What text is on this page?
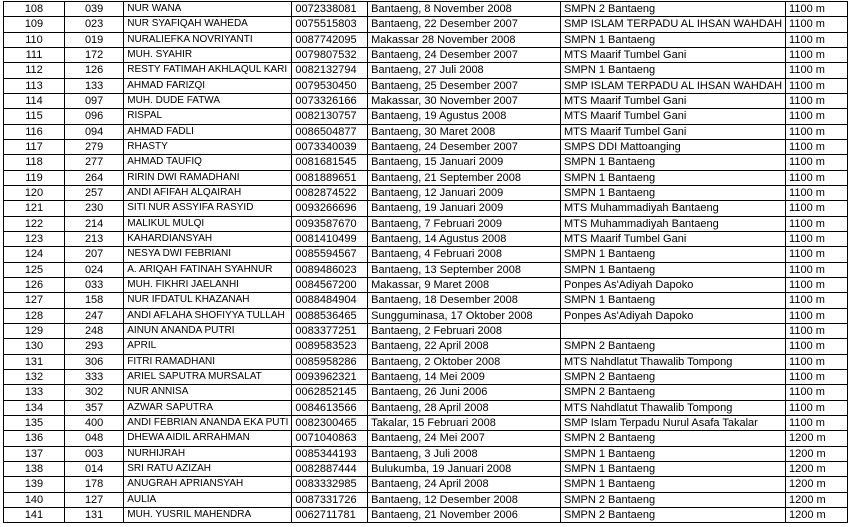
108	039	NUR WANA	0072338081	Bantaeng, 8 November 2008	SMPN 2 Bantaeng	1100 m
109	023	NUR SYAFIQAH WAHEDA	0075515803	Bantaeng, 22 Desember 2007	SMP ISLAM TERPADU AL IHSAN WAHDAH	1100 m
110	019	NURALIEFKA NOVRIYANTI	0087742095	Makassar 28 November 2008	SMPN 1 Bantaeng	1100 m
111	172	MUH. SYAHIR	0079807532	Bantaeng, 24 Desember 2007	MTS Maarif Tumbel Gani	1100 m
112	126	RESTY FATIMAH AKHLAQUL KARI	0082132794	Bantaeng, 27 Juli 2008	SMPN 1 Bantaeng	1100 m
113	133	AHMAD FARIZQI	0079530450	Bantaeng, 25 Desember 2007	SMP ISLAM TERPADU AL IHSAN WAHDAH	1100 m
114	097	MUH. DUDE FATWA	0073326166	Makassar, 30 November 2007	MTS Maarif Tumbel Gani	1100 m
115	096	RISPAL	0082130757	Bantaeng, 19 Agustus 2008	MTS Maarif Tumbel Gani	1100 m
116	094	AHMAD FADLI	0086504877	Bantaeng, 30 Maret 2008	MTS Maarif Tumbel Gani	1100 m
117	279	RHASTY	0073340039	Bantaeng, 24 Desember 2007	SMPS DDI Mattoanging	1100 m
118	277	AHMAD TAUFIQ	0081681545	Bantaeng, 15 Januari 2009	SMPN 1 Bantaeng	1100 m
119	264	RIRIN DWI RAMADHANI	0081889651	Bantaeng, 21 September 2008	SMPN 1 Bantaeng	1100 m
120	257	ANDI AFIFAH ALQAIRAH	0082874522	Bantaeng, 12 Januari 2009	SMPN 1 Bantaeng	1100 m
121	230	SITI NUR ASSYIFA RASYID	0093266696	Bantaeng, 19 Januari 2009	MTS Muhammadiyah Bantaeng	1100 m
122	214	MALIKUL MULQI	0093587670	Bantaeng, 7 Februari 2009	MTS Muhammadiyah Bantaeng	1100 m
123	213	KAHARDIANSYAH	0081410499	Bantaeng, 14 Agustus 2008	MTS Maarif Tumbel Gani	1100 m
124	207	NESYA DWI FEBRIANI	0085594567	Bantaeng, 4 Februari 2008	SMPN 1 Bantaeng	1100 m
125	024	A. ARIQAH FATINAH SYAHNUR	0089486023	Bantaeng, 13 September 2008	SMPN 1 Bantaeng	1100 m
126	033	MUH. FIKHRI JAELANHI	0084567200	Makassar, 9 Maret 2008	Ponpes As'Adiyah Dapoko	1100 m
127	158	NUR IFDATUL KHAZANAH	0088484904	Bantaeng, 18 Desember 2008	SMPN 1 Bantaeng	1100 m
128	247	ANDI AFLAHA SHOFIYYA TULLAH	0088536465	Sungguminasa, 17 Oktober 2008	Ponpes As'Adiyah Dapoko	1100 m
129	248	AINUN ANANDA PUTRI	0083377251	Bantaeng, 2 Februari 2008		1100 m
130	293	APRIL	0089583523	Bantaeng, 22 April 2008	SMPN 2 Bantaeng	1100 m
131	306	FITRI RAMADHANI	0085958286	Bantaeng, 2 Oktober 2008	MTS Nahdlatut Thawalib Tompong	1100 m
132	333	ARIEL SAPUTRA MURSALAT	0093962321	Bantaeng, 14 Mei 2009	SMPN 2 Bantaeng	1100 m
133	302	NUR ANNISA	0062852145	Bantaeng, 26 Juni 2006	SMPN 2 Bantaeng	1100 m
134	357	AZWAR SAPUTRA	0084613566	Bantaeng, 28 April 2008	MTS Nahdlatut Thawalib Tompong	1100 m
135	400	ANDI FEBRIAN ANANDA EKA PUTI	0082300465	Takalar, 15 Februari 2008	SMP Islam Terpadu Nurul Asafa Takalar	1100 m
136	048	DHEWA AIDIL ARRAHMAN	0071040863	Bantaeng, 24 Mei 2007	SMPN 2 Bantaeng	1200 m
137	003	NURHIJRAH	0085344193	Bantaeng, 3 Juli 2008	SMPN 1 Bantaeng	1200 m
138	014	SRI RATU AZIZAH	0082887444	Bulukumba, 19 Januari 2008	SMPN 1 Bantaeng	1200 m
139	178	ANUGRAH APRIANSYAH	0083332985	Bantaeng, 24 April 2008	SMPN 1 Bantaeng	1200 m
140	127	AULIA	0087331726	Bantaeng, 12 Desember 2008	SMPN 2 Bantaeng	1200 m
141	131	MUH. YUSRIL MAHENDRA	0062711781	Bantaeng, 21 November 2006	SMPN 2 Bantaeng	1200 m
